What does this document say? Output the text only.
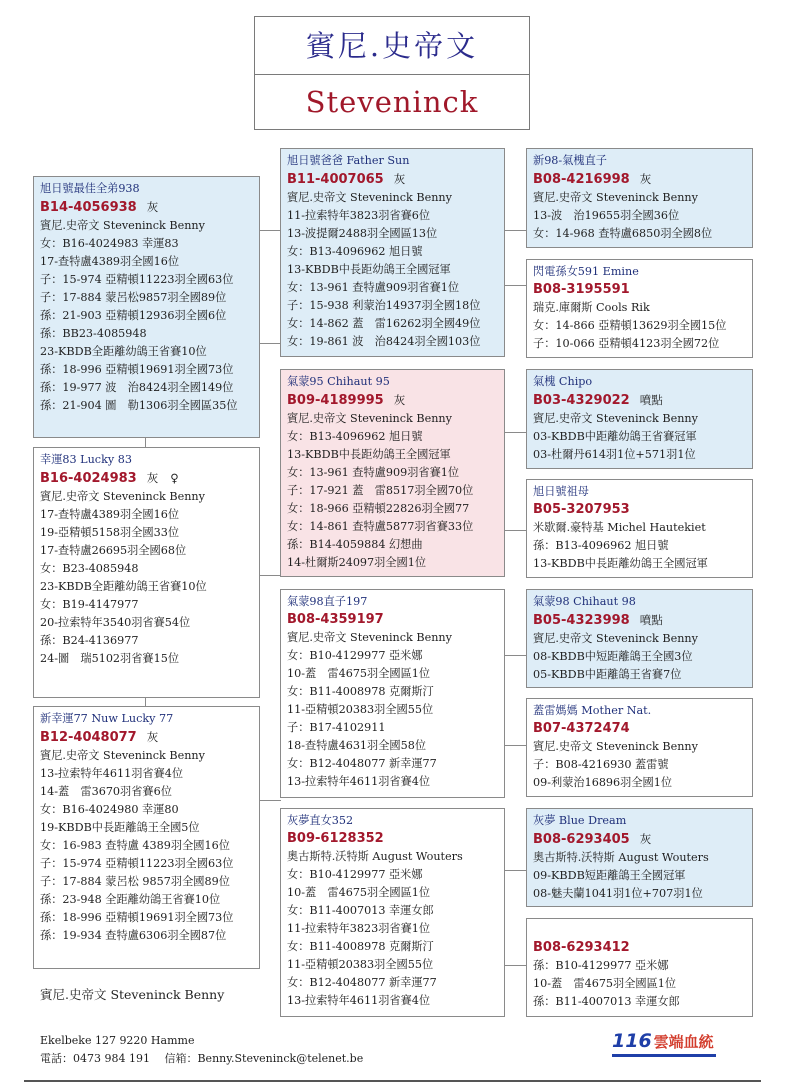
賓尼.史帝文
Steveninck
旭日號最佳全弟938
B14-4056938 灰
賓尼.史帝文 Steveninck Benny
女：B16-4024983 幸運83
17-查特盧4389羽全國16位
子：15-974 亞精頓11223羽全國63位
子：17-884 蒙呂松9857羽全國89位
孫：21-903 亞精頓12936羽全國6位
孫：BB23-4085948
23-KBDB全距離幼鴿王省賽10位
孫：18-996 亞精頓19691羽全國73位
孫：19-977 波　治8424羽全國149位
孫：21-904 圖　勒1306羽全國區35位
幸運83 Lucky 83
B16-4024983 灰 ♀
賓尼.史帝文 Steveninck Benny
17-查特盧4389羽全國16位
19-亞精頓5158羽全國33位
17-查特盧26695羽全國68位
女：B23-4085948
23-KBDB全距離幼鴿王省賽10位
女：B19-4147977
20-拉索特年3540羽省賽54位
孫：B24-4136977
24-圖　瑞5102羽省賽15位
新幸運77 Nuw Lucky 77
B12-4048077 灰
賓尼.史帝文 Steveninck Benny
13-拉索特年4611羽省賽4位
14-蓋　雷3670羽省賽6位
女：B16-4024980 幸運80
19-KBDB中長距離鴿王全國5位
女：16-983 查特盧 4389羽全國16位
子：15-974 亞精頓11223羽全國63位
子：17-884 蒙呂松 9857羽全國89位
孫：23-948 全距離幼鴿王省賽10位
孫：18-996 亞精頓19691羽全國73位
孫：19-934 查特盧6306羽全國87位
旭日號爸爸 Father Sun
B11-4007065 灰
賓尼.史帝文 Steveninck Benny
11-拉索特年3823羽省賽6位
13-波提爾2488羽全國區13位
女：B13-4096962 旭日號
13-KBDB中長距幼鴿王全國冠軍
女：13-961 查特盧909羽省賽1位
子：15-938 利蒙治14937羽全國18位
女：14-862 蓋　雷16262羽全國49位
女：19-861 波　治8424羽全國103位
氣蒙95 Chihaut 95
B09-4189995 灰
賓尼.史帝文 Steveninck Benny
女：B13-4096962 旭日號
13-KBDB中長距幼鴿王全國冠軍
女：13-961 查特盧909羽省賽1位
子：17-921 蓋　雷8517羽全國70位
女：18-966 亞精頓22826羽全國77
女：14-861 查特盧5877羽省賽33位
孫：B14-4059884 幻想曲
14-杜爾斯24097羽全國1位
氣蒙98直子197
B08-4359197
賓尼.史帝文 Steveninck Benny
女：B10-4129977 亞米娜
10-蓋　雷4675羽全國區1位
女：B11-4008978 克爾斯汀
11-亞精頓20383羽全國55位
子：B17-4102911
18-查特盧4631羽全國58位
女：B12-4048077 新幸運77
13-拉索特年4611羽省賽4位
灰夢直女352
B09-6128352
奧古斯特.沃特斯 August Wouters
女：B10-4129977 亞米娜
10-蓋　雷4675羽全國區1位
女：B11-4007013 幸運女郎
11-拉索特年3823羽省賽1位
女：B11-4008978 克爾斯汀
11-亞精頓20383羽全國55位
女：B12-4048077 新幸運77
13-拉索特年4611羽省賽4位
新98-氣槐直子
B08-4216998 灰
賓尼.史帝文 Steveninck Benny
13-波　治19655羽全國36位
女：14-968 查特盧6850羽全國8位
閃電孫女591 Emine
B08-3195591
瑞克.庫爾斯 Cools Rik
女：14-866 亞精頓13629羽全國15位
子：10-066 亞精頓4123羽全國72位
氣槐 Chipo
B03-4329022 噴點
賓尼.史帝文 Steveninck Benny
03-KBDB中距離幼鴿王省賽冠軍
03-杜爾丹614羽1位+571羽1位
旭日號祖母
B05-3207953
米歇爾.豪特基 Michel Hautekiet
孫：B13-4096962 旭日號
13-KBDB中長距離幼鴿王全國冠軍
氣蒙98 Chihaut 98
B05-4323998 噴點
賓尼.史帝文 Steveninck Benny
08-KBDB中短距離鴿王全國3位
05-KBDB中距離鴿王省賽7位
蓋雷媽媽 Mother Nat.
B07-4372474
賓尼.史帝文 Steveninck Benny
子：B08-4216930 蓋雷號
09-利蒙治16896羽全國1位
灰夢 Blue Dream
B08-6293405 灰
奧古斯特.沃特斯 August Wouters
09-KBDB短距離鴿王全國冠軍
08-魅夫蘭1041羽1位+707羽1位
B08-6293412
孫：B10-4129977 亞米娜
10-蓋　雷4675羽全國區1位
孫：B11-4007013 幸運女郎
賓尼.史帝文 Steveninck Benny
Ekelbeke 127 9220 Hamme
電話：0473 984 191　 信箱：Benny.Steveninck@telenet.be
116 雲端血統
